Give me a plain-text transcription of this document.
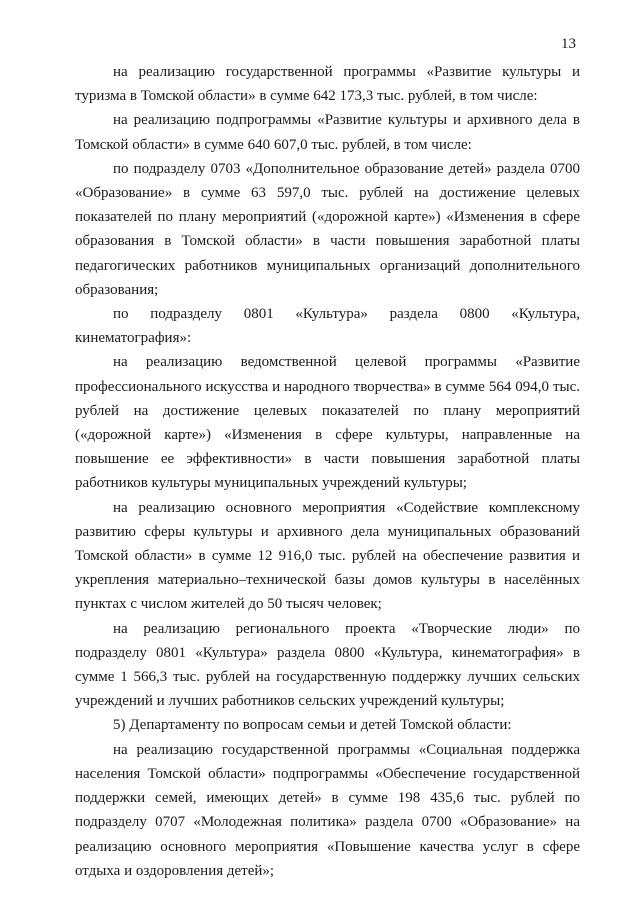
13

на реализацию государственной программы «Развитие культуры и туризма в Томской области» в сумме 642 173,3 тыс. рублей, в том числе:

на реализацию подпрограммы «Развитие культуры и архивного дела в Томской области» в сумме 640 607,0 тыс. рублей, в том числе:

по подразделу 0703 «Дополнительное образование детей» раздела 0700 «Образование» в сумме 63 597,0 тыс. рублей на достижение целевых показателей по плану мероприятий («дорожной карте») «Изменения в сфере образования в Томской области» в части повышения заработной платы педагогических работников муниципальных организаций дополнительного образования;

по подразделу 0801 «Культура» раздела 0800 «Культура, кинематография»:

на реализацию ведомственной целевой программы «Развитие профессионального искусства и народного творчества» в сумме 564 094,0 тыс. рублей на достижение целевых показателей по плану мероприятий («дорожной карте») «Изменения в сфере культуры, направленные на повышение ее эффективности» в части повышения заработной платы работников культуры муниципальных учреждений культуры;

на реализацию основного мероприятия «Содействие комплексному развитию сферы культуры и архивного дела муниципальных образований Томской области» в сумме 12 916,0 тыс. рублей на обеспечение развития и укрепления материально–технической базы домов культуры в населённых пунктах с числом жителей до 50 тысяч человек;

на реализацию регионального проекта «Творческие люди» по подразделу 0801 «Культура» раздела 0800 «Культура, кинематография» в сумме 1 566,3 тыс. рублей на государственную поддержку лучших сельских учреждений и лучших работников сельских учреждений культуры;

5) Департаменту по вопросам семьи и детей Томской области:

на реализацию государственной программы «Социальная поддержка населения Томской области» подпрограммы «Обеспечение государственной поддержки семей, имеющих детей» в сумме 198 435,6 тыс. рублей по подразделу 0707 «Молодежная политика» раздела 0700 «Образование» на реализацию основного мероприятия «Повышение качества услуг в сфере отдыха и оздоровления детей»;
